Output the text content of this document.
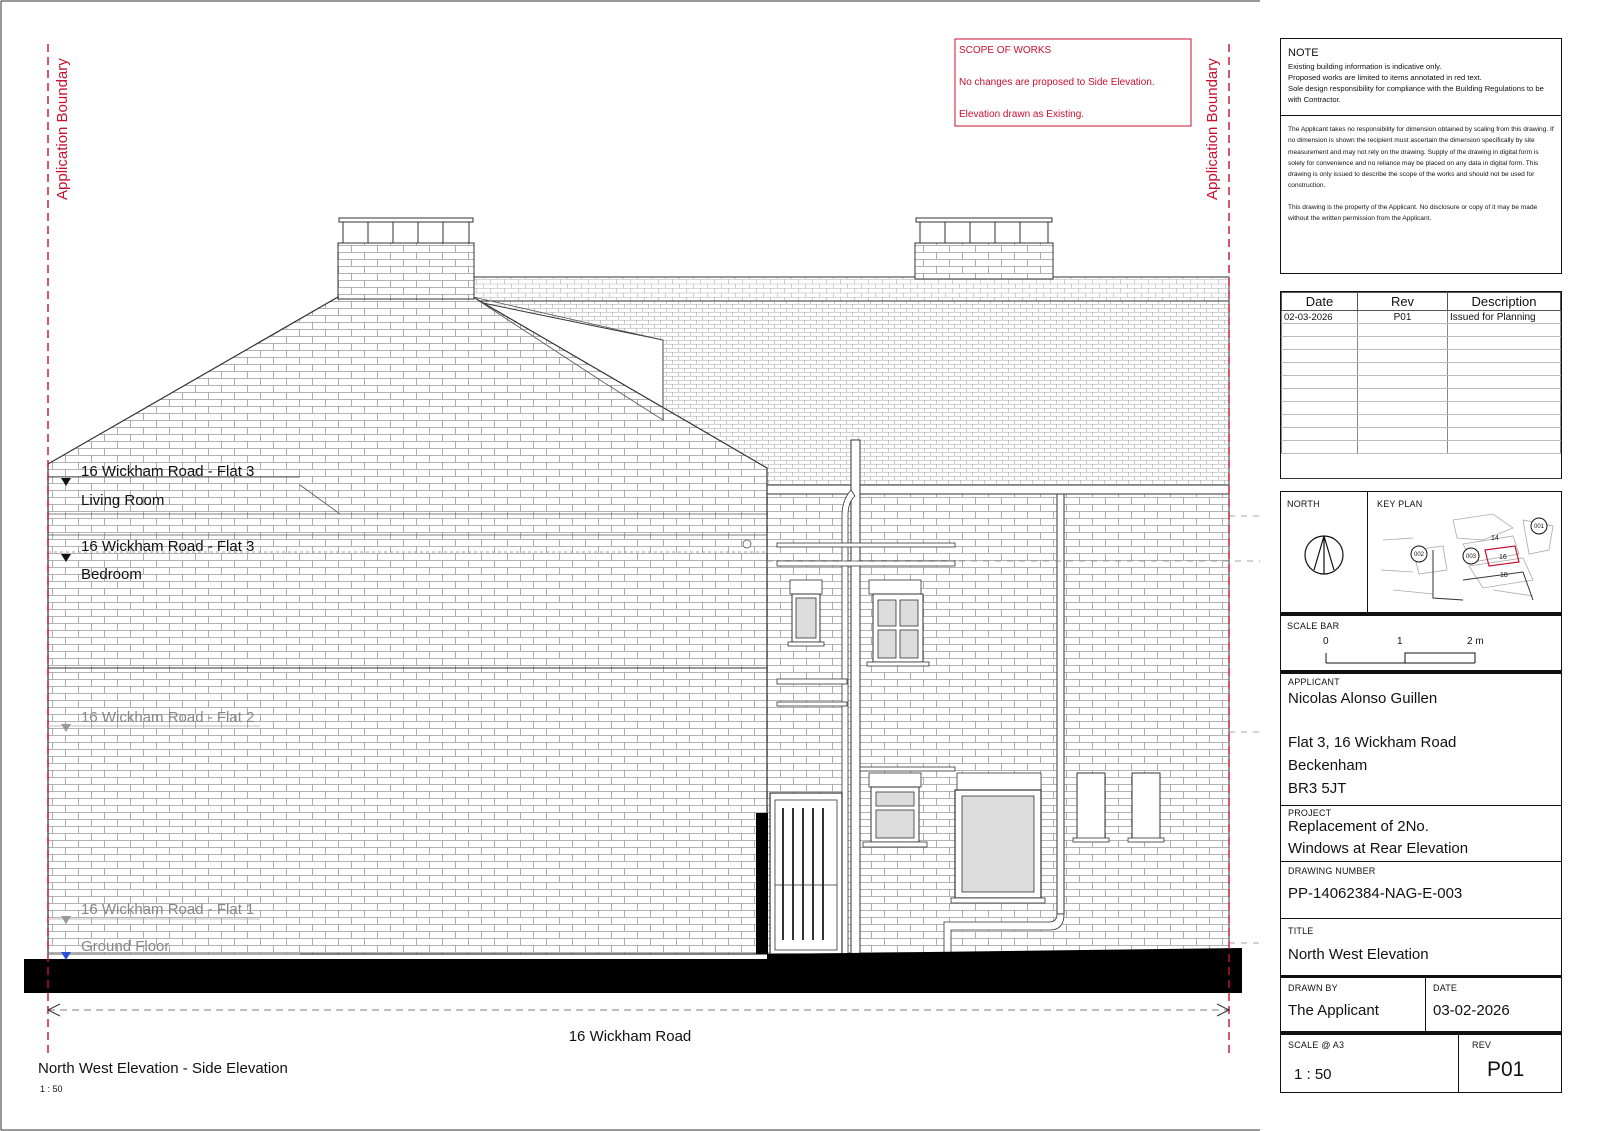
Application Boundary	Application Boundary
SCOPE OF WORKS
No changes are proposed to Side Elevation.
Elevation drawn as Existing.
16 Wickham Road - Flat 3
Living Room
16 Wickham Road - Flat 3
Bedroom
16 Wickham Road - Flat 2
16 Wickham Road - Flat 1
Ground Floor
16 Wickham Road
North West Elevation - Side Elevation
1 : 50
NOTE

Existing building information is indicative only.

Proposed works are limited to items annotated in red text.

Sole design responsibility for compliance with the Building Regulations to be with Contractor.

The Applicant takes no responsibility for dimension obtained by scaling from this drawing. If no dimension is shown the recipient must ascertain the dimension specifically by site measurement and may not rely on the drawing. Supply of the drawing in digital form is solely for convenience and no reliance may be placed on any data in digital form. This drawing is only issued to describe the scope of the works and should not be used for construction.

This drawing is the property of the Applicant. No disclosure or copy of it may be made without the written permission from the Applicant.

Date	Rev	Description
02-03-2026	P01	Issued for Planning

NORTH	KEY PLAN
14
16
18
001
002	003
SCALE BAR
0	1	2 m
APPLICANT
Nicolas Alonso Guillen
Flat 3, 16 Wickham Road
Beckenham
BR3 5JT
PROJECT
Replacement of 2No.
Windows at Rear Elevation
DRAWING NUMBER
PP-14062384-NAG-E-003
TITLE
North West Elevation
DRAWN BY
The Applicant
DATE
03-02-2026
SCALE @ A3
1 : 50
REV
P01
